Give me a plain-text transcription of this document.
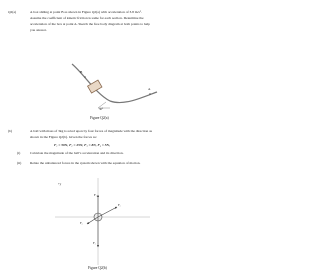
Q2(a)	A box sliding at point B as shown in Figure Q2(a) with acceleration of 3.8 m/s².
Assume the coefficient of kinetic friction is same for each section. Determine the
acceleration of the box at point A. Sketch the free body diagram at both points to help
you answer.
B
A
30°
Figure Q2(a)
(b)	A ball with mass of 3kg is acted upon by four forces of magnitude with the direction as
shown in the Figure Q2(b). Given the forces as:
F₁ = 50N, F₂ = 25N, F₃ = 8N, F₄ = 5N,
(i)	Calculate the magnitude of the ball’s acceleration and its direction.
(ii) Relate the unbalanced forces in the system shown with the equation of motion.
+y
F₁
F₂
F₃
F₄
Figure Q2(b)
